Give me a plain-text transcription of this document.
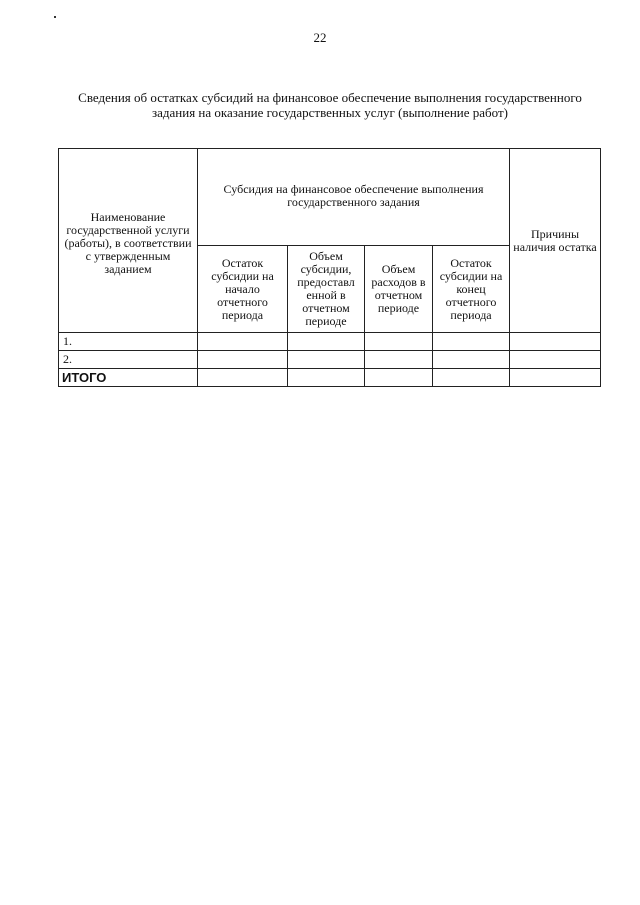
22
Сведения об остатках субсидий на финансовое обеспечение выполнения государственного
задания на оказание государственных услуг (выполнение работ)
Наименование государственной услуги (работы), в соответствии с утвержденным заданием	Субсидия на финансовое обеспечение выполнения государственного задания				Причины наличия остатка
	Остаток субсидии на начало отчетного периода	Объем субсидии, предоставл енной в отчетном периоде	Объем расходов в отчетном периоде	Остаток субсидии на конец отчетного периода	
1.					
2.					
ИТОГО					
